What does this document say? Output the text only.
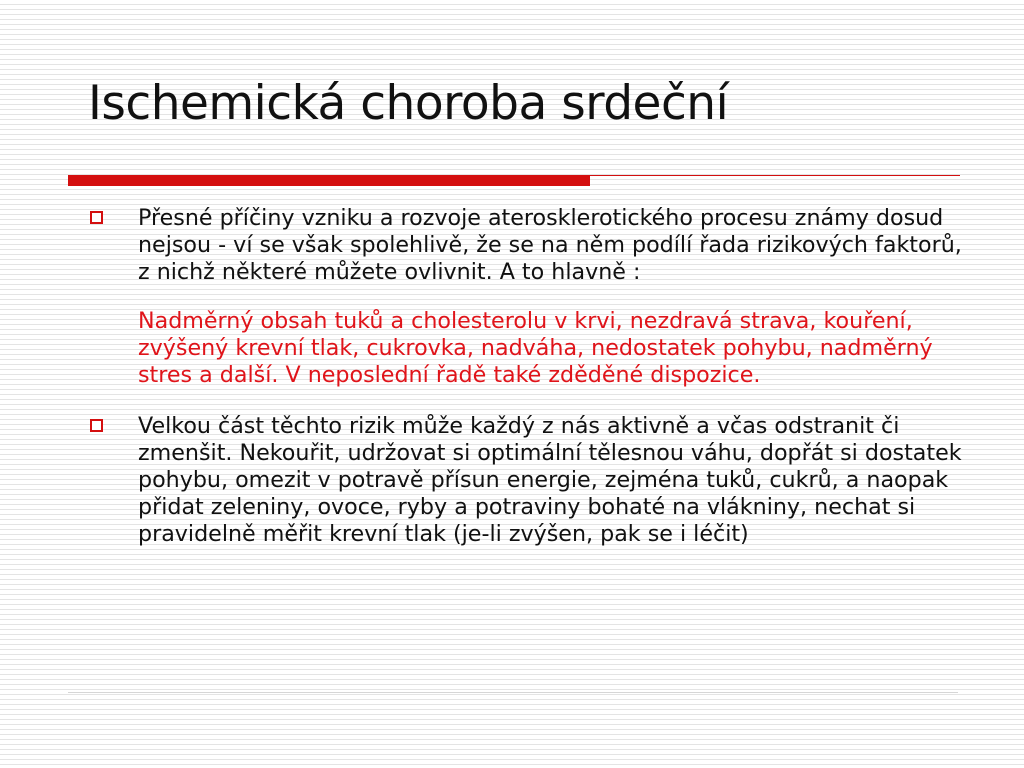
Ischemická choroba srdeční
Přesné příčiny vzniku a rozvoje aterosklerotického procesu známy dosud nejsou - ví se však spolehlivě, že se na něm podílí řada rizikových faktorů, z nichž některé můžete ovlivnit. A to hlavně :
Nadměrný obsah tuků a cholesterolu v krvi, nezdravá strava, kouření, zvýšený krevní tlak, cukrovka, nadváha, nedostatek pohybu, nadměrný stres a další. V neposlední řadě také zděděné dispozice.
Velkou část těchto rizik může každý z nás aktivně a včas odstranit či zmenšit. Nekouřit, udržovat si optimální tělesnou váhu, dopřát si dostatek pohybu, omezit v potravě přísun energie, zejména tuků, cukrů, a naopak přidat zeleniny, ovoce, ryby a potraviny bohaté na vlákniny, nechat si pravidelně měřit krevní tlak (je-li zvýšen, pak se i léčit)
